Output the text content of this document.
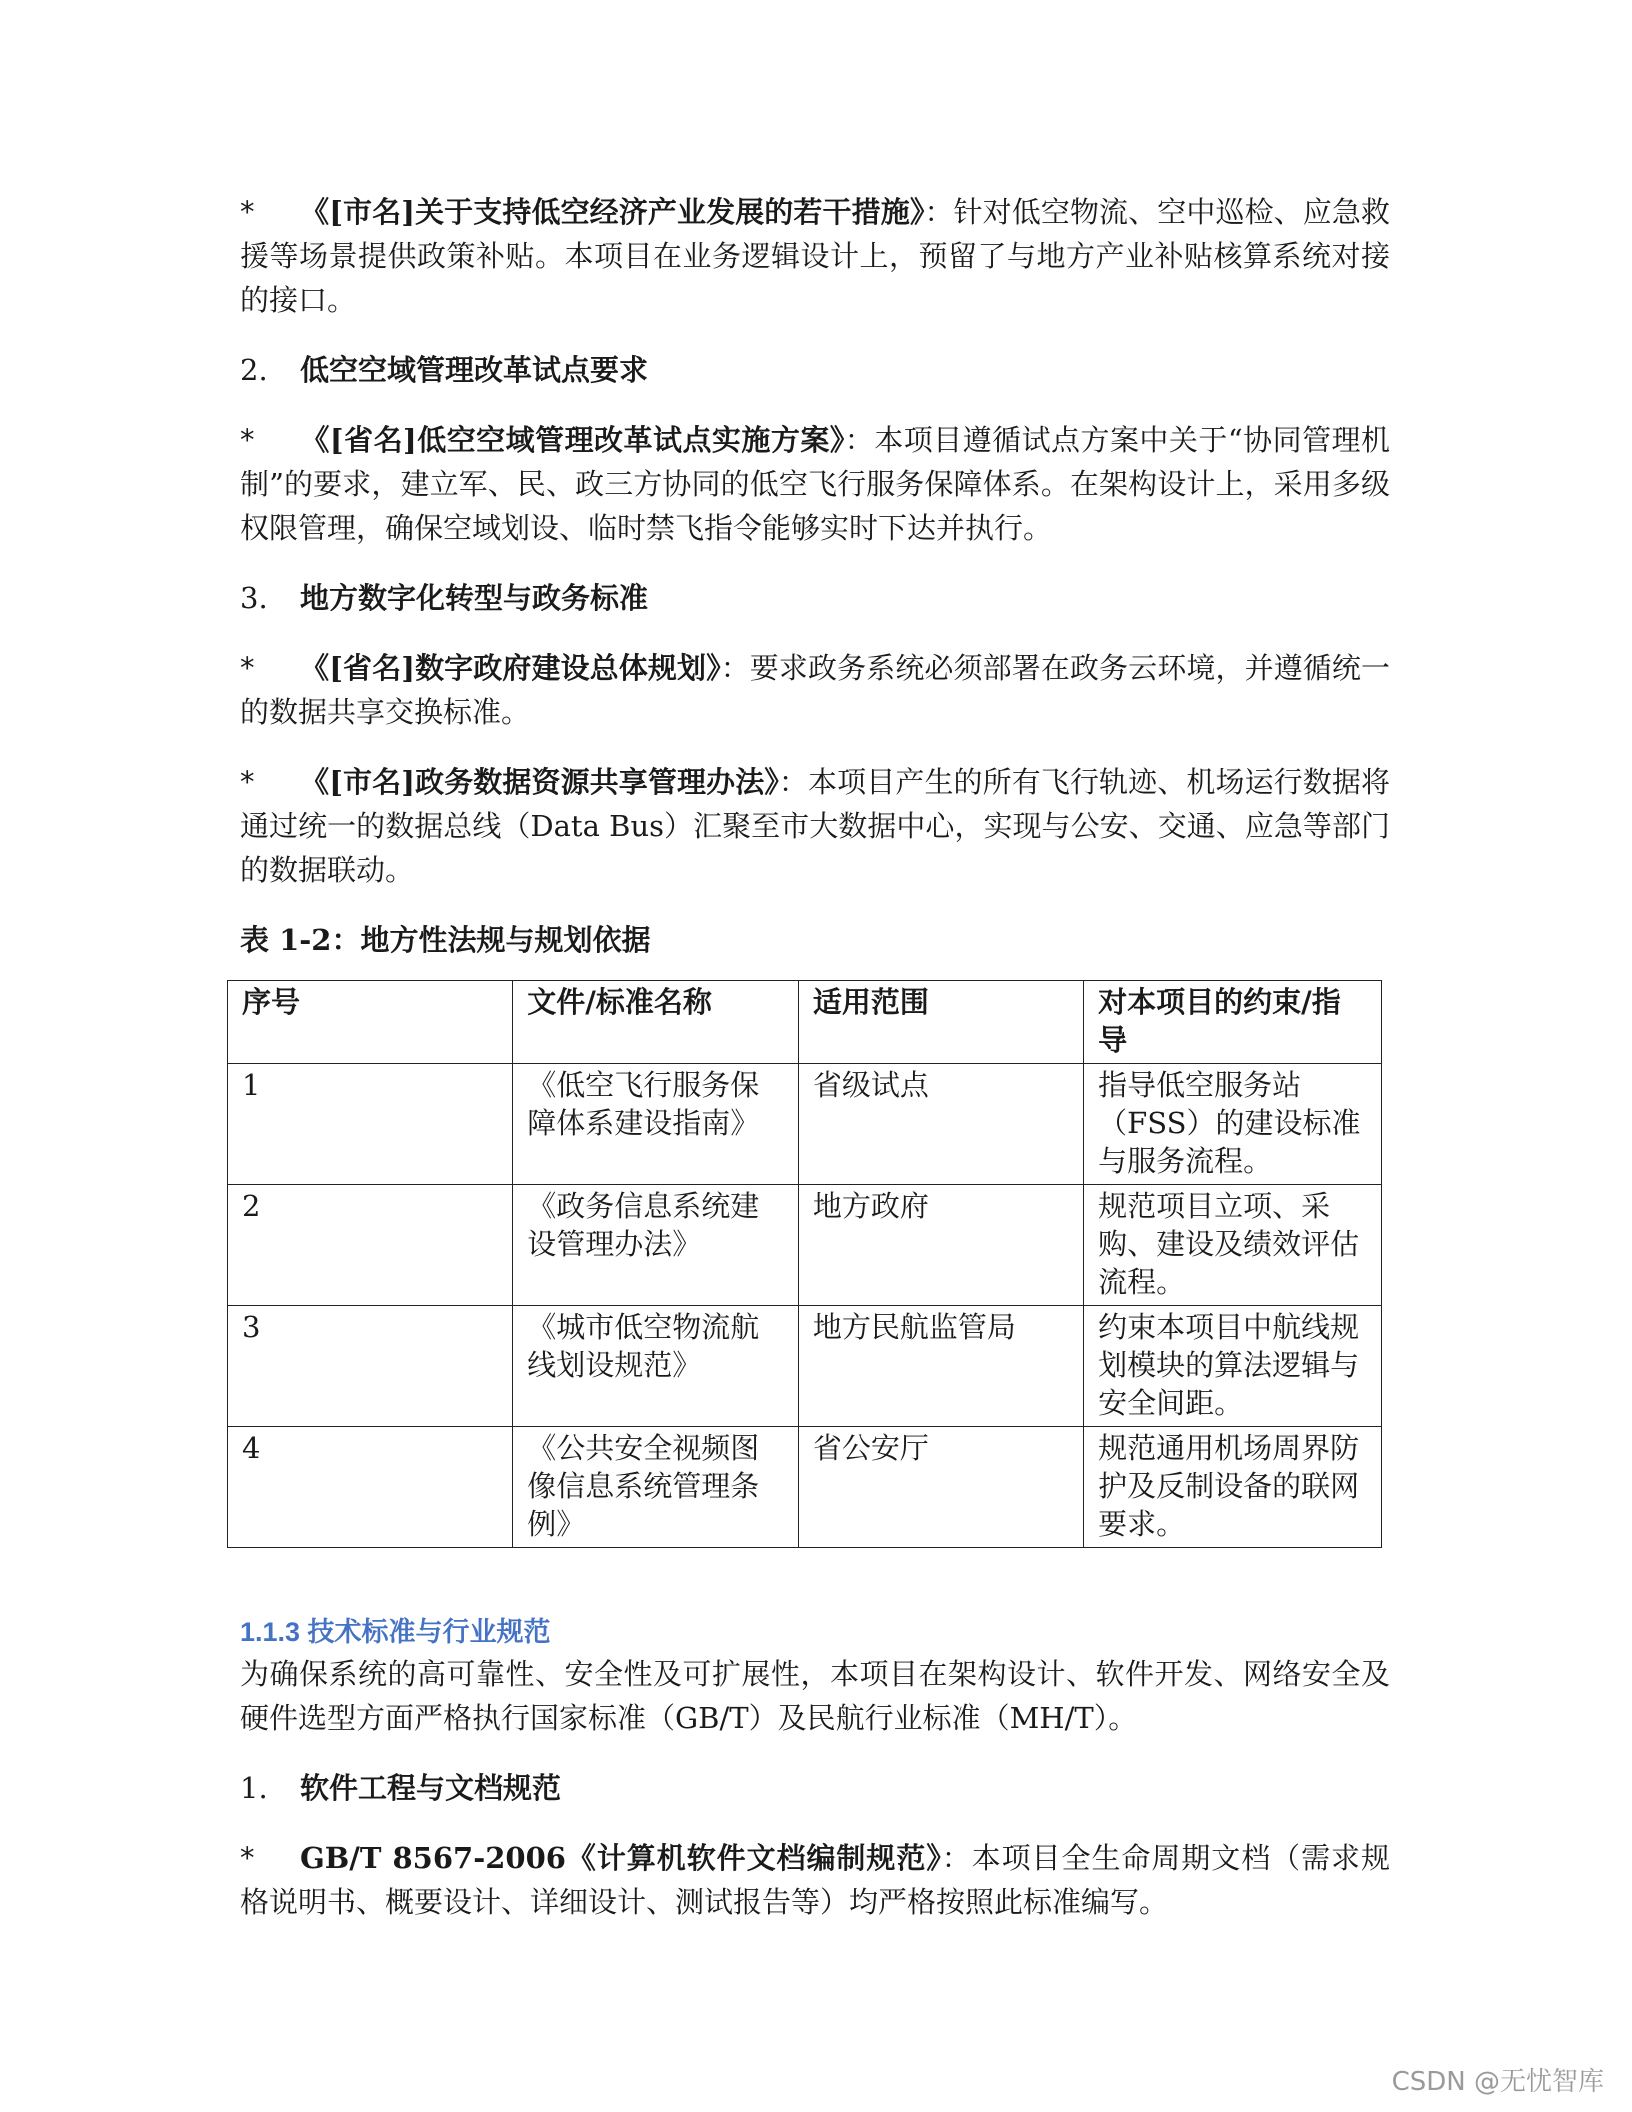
* 《[市名]关于支持低空经济产业发展的若干措施》：针对低空物流、空中巡检、应急救援等场景提供政策补贴。本项目在业务逻辑设计上，预留了与地方产业补贴核算系统对接的接口。

2. 低空空域管理改革试点要求

* 《[省名]低空空域管理改革试点实施方案》：本项目遵循试点方案中关于“协同管理机制”的要求，建立军、民、政三方协同的低空飞行服务保障体系。在架构设计上，采用多级权限管理，确保空域划设、临时禁飞指令能够实时下达并执行。

3. 地方数字化转型与政务标准

* 《[省名]数字政府建设总体规划》：要求政务系统必须部署在政务云环境，并遵循统一的数据共享交换标准。

* 《[市名]政务数据资源共享管理办法》：本项目产生的所有飞行轨迹、机场运行数据将通过统一的数据总线（Data Bus）汇聚至市大数据中心，实现与公安、交通、应急等部门的数据联动。

表 1-2：地方性法规与规划依据

序号	文件/标准名称	适用范围	对本项目的约束/指导
1	《低空飞行服务保障体系建设指南》	省级试点	指导低空服务站（FSS）的建设标准与服务流程。
2	《政务信息系统建设管理办法》	地方政府	规范项目立项、采购、建设及绩效评估流程。
3	《城市低空物流航线划设规范》	地方民航监管局	约束本项目中航线规划模块的算法逻辑与安全间距。
4	《公共安全视频图像信息系统管理条例》	省公安厅	规范通用机场周界防护及反制设备的联网要求。

1.1.3 技术标准与行业规范

为确保系统的高可靠性、安全性及可扩展性，本项目在架构设计、软件开发、网络安全及硬件选型方面严格执行国家标准（GB/T）及民航行业标准（MH/T）。

1. 软件工程与文档规范

* GB/T 8567-2006《计算机软件文档编制规范》：本项目全生命周期文档（需求规格说明书、概要设计、详细设计、测试报告等）均严格按照此标准编写。

CSDN @无忧智库
